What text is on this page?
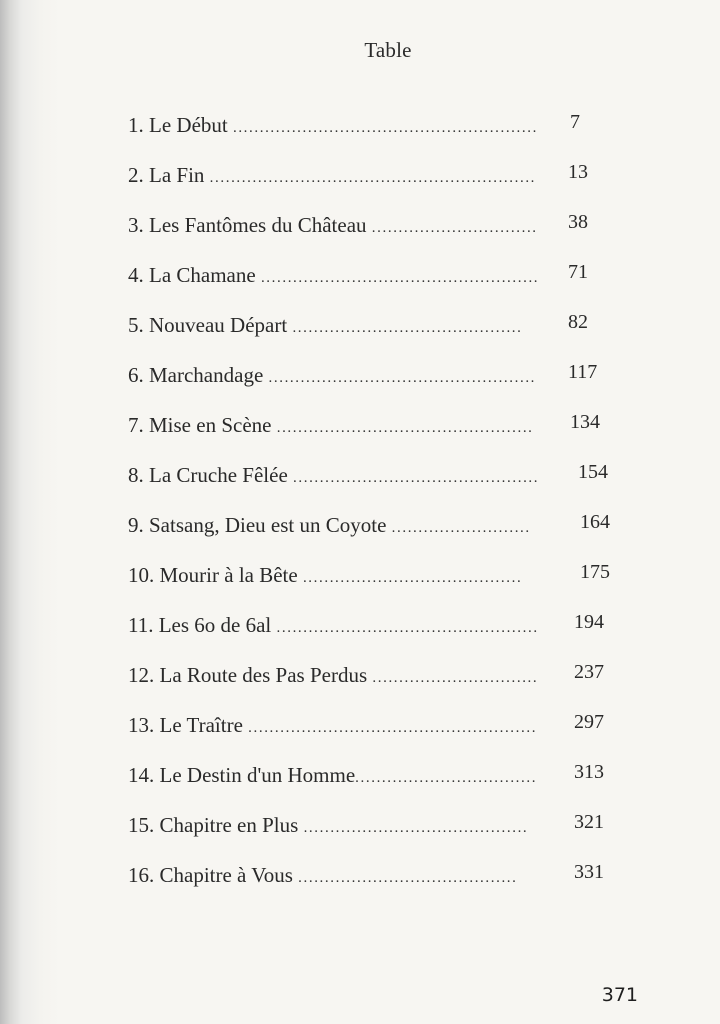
Table
1. Le Début ......................................................... 7
2. La Fin ............................................................. 13
3. Les Fantômes du Château ............................... 38
4. La Chamane .................................................... 71
5. Nouveau Départ ........................................... 82
6. Marchandage .................................................. 117
7. Mise en Scène ................................................ 134
8. La Cruche Fêlée .............................................. 154
9. Satsang, Dieu est un Coyote .......................... 164
10. Mourir à la Bête .........................................	175
11. Les 6o de 6al ................................................. 194
12. La Route des Pas Perdus ............................... 237
13. Le Traître ...................................................... 297
14. Le Destin d'un Homme.................................. 313
15. Chapitre en Plus .......................................... 321
16. Chapitre à Vous .........................................	331
371
